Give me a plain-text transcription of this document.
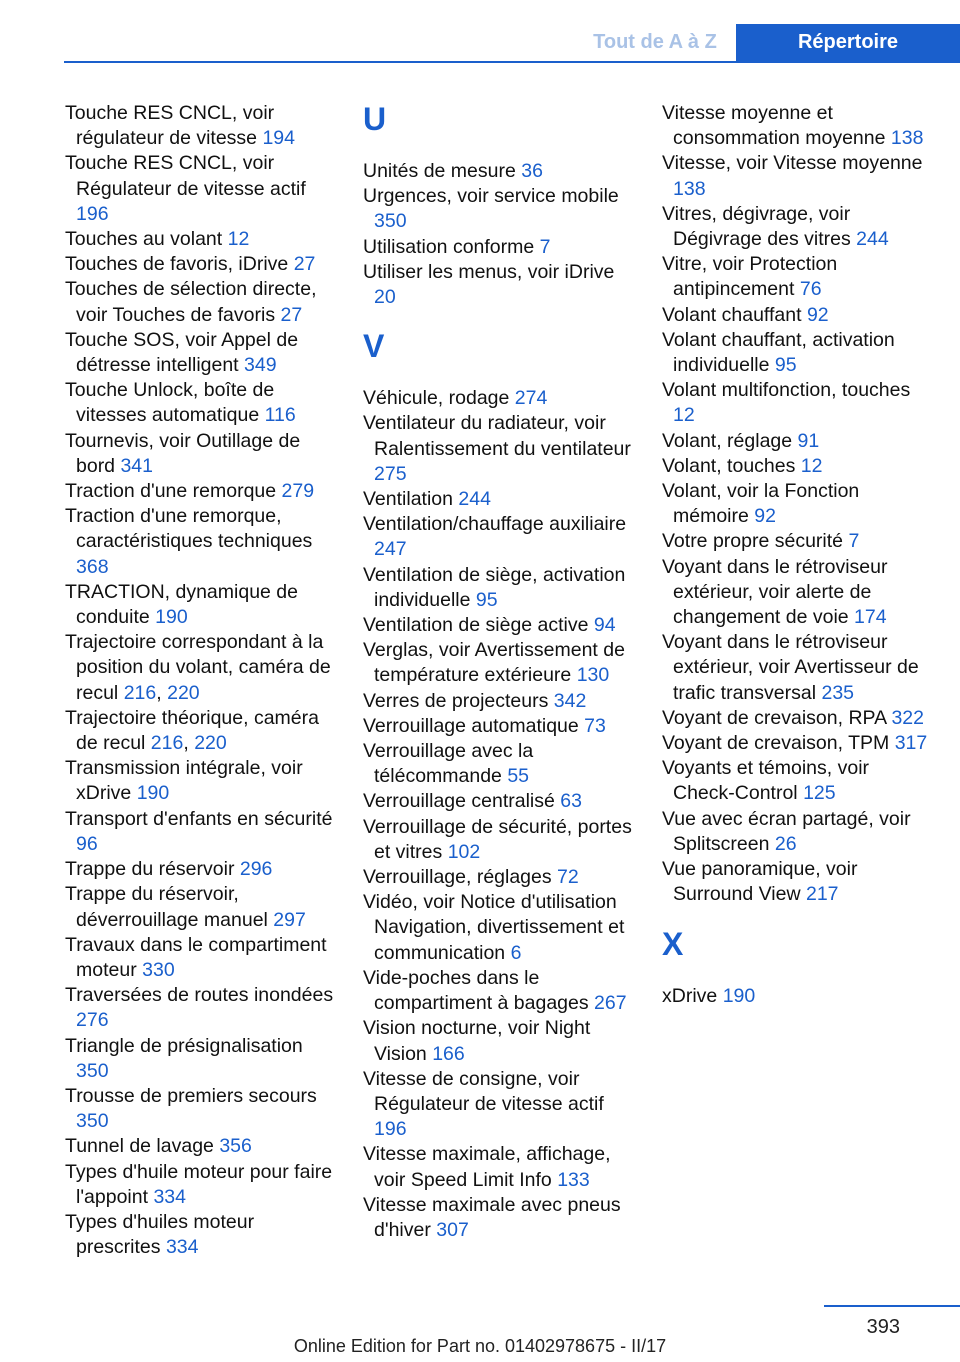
Tout de A à Z	Répertoire

Touche RES CNCL, voir régulateur de vitesse 194

Touche RES CNCL, voir Régulateur de vitesse actif 196

Touches au volant 12

Touches de favoris, iDrive 27

Touches de sélection directe, voir Touches de favoris 27

Touche SOS, voir Appel de détresse intelligent 349

Touche Unlock, boîte de vitesses automatique 116

Tournevis, voir Outillage de bord 341

Traction d'une remorque 279

Traction d'une remorque, caractéristiques techniques 368

TRACTION, dynamique de conduite 190

Trajectoire correspondant à la position du volant, caméra de recul 216, 220

Trajectoire théorique, caméra de recul 216, 220

Transmission intégrale, voir xDrive 190

Transport d'enfants en sécurité 96

Trappe du réservoir 296

Trappe du réservoir, déverrouillage manuel 297

Travaux dans le compartiment moteur 330

Traversées de routes inondées 276

Triangle de présignalisation 350

Trousse de premiers secours 350

Tunnel de lavage 356

Types d'huile moteur pour faire l'appoint 334

Types d'huiles moteur prescrites 334

U

Unités de mesure 36

Urgences, voir service mobile 350

Utilisation conforme 7

Utiliser les menus, voir iDrive 20

V

Véhicule, rodage 274

Ventilateur du radiateur, voir Ralentissement du ventilateur 275

Ventilation 244

Ventilation/chauffage auxiliaire 247

Ventilation de siège, activation individuelle 95

Ventilation de siège active 94

Verglas, voir Avertissement de température extérieure 130

Verres de projecteurs 342

Verrouillage automatique 73

Verrouillage avec la télécommande 55

Verrouillage centralisé 63

Verrouillage de sécurité, portes et vitres 102

Verrouillage, réglages 72

Vidéo, voir Notice d'utilisation Navigation, divertissement et communication 6

Vide-poches dans le compartiment à bagages 267

Vision nocturne, voir Night Vision 166

Vitesse de consigne, voir Régulateur de vitesse actif 196

Vitesse maximale, affichage, voir Speed Limit Info 133

Vitesse maximale avec pneus d'hiver 307

Vitesse moyenne et consommation moyenne 138

Vitesse, voir Vitesse moyenne 138

Vitres, dégivrage, voir Dégivrage des vitres 244

Vitre, voir Protection antipincement 76

Volant chauffant 92

Volant chauffant, activation individuelle 95

Volant multifonction, touches 12

Volant, réglage 91

Volant, touches 12

Volant, voir la Fonction mémoire 92

Votre propre sécurité 7

Voyant dans le rétroviseur extérieur, voir alerte de changement de voie 174

Voyant dans le rétroviseur extérieur, voir Avertisseur de trafic transversal 235

Voyant de crevaison, RPA 322

Voyant de crevaison, TPM 317

Voyants et témoins, voir Check-Control 125

Vue avec écran partagé, voir Splitscreen 26

Vue panoramique, voir Surround View 217

X

xDrive 190

393
Online Edition for Part no. 01402978675 - II/17
